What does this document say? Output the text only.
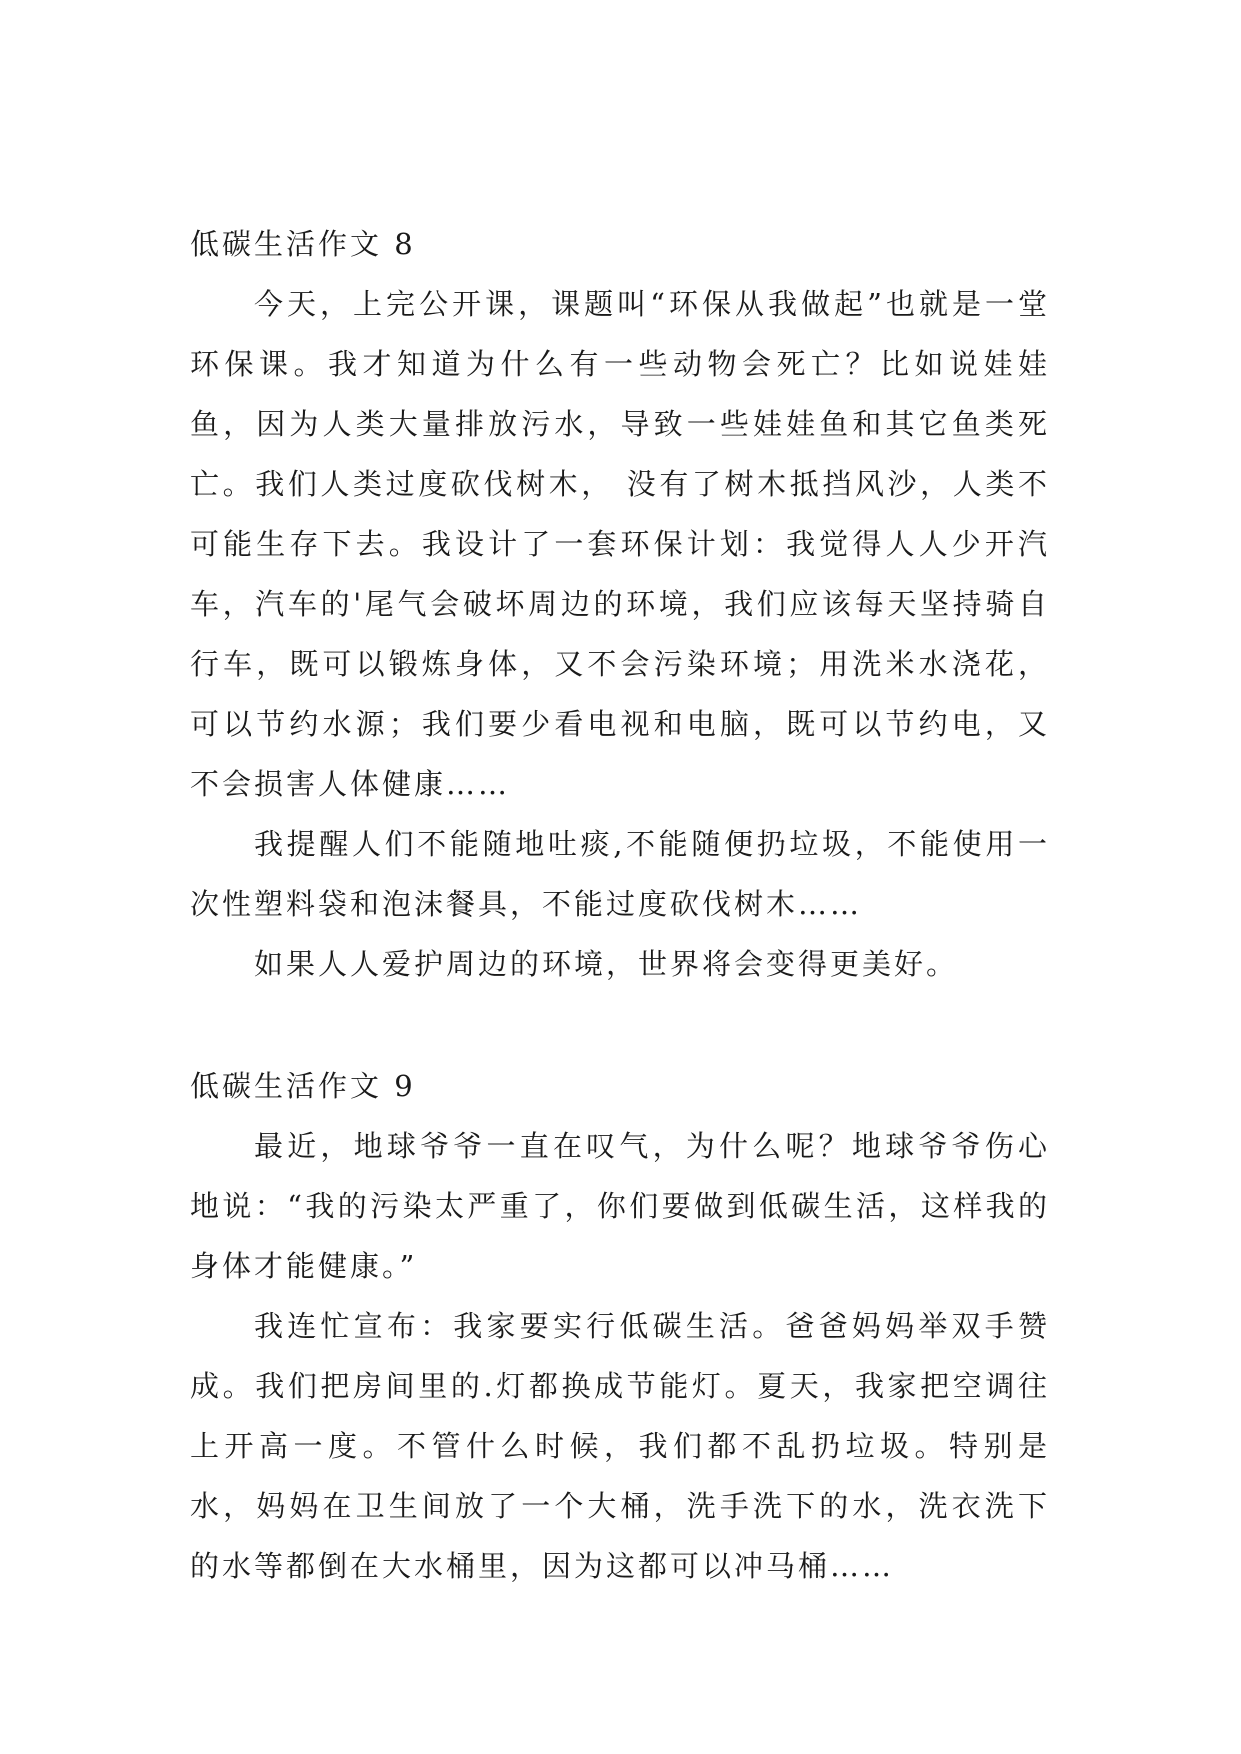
低碳生活作文 8

今天，上完公开课，课题叫“环保从我做起”也就是一堂环保课。我才知道为什么有一些动物会死亡？比如说娃娃鱼，因为人类大量排放污水，导致一些娃娃鱼和其它鱼类死亡。我们人类过度砍伐树木， 没有了树木抵挡风沙，人类不可能生存下去。我设计了一套环保计划：我觉得人人少开汽车，汽车的'尾气会破坏周边的环境，我们应该每天坚持骑自行车，既可以锻炼身体，又不会污染环境；用洗米水浇花，可以节约水源；我们要少看电视和电脑，既可以节约电，又不会损害人体健康……

我提醒人们不能随地吐痰,不能随便扔垃圾，不能使用一次性塑料袋和泡沫餐具，不能过度砍伐树木……

如果人人爱护周边的环境，世界将会变得更美好。

低碳生活作文 9

最近，地球爷爷一直在叹气，为什么呢？地球爷爷伤心地说：“我的污染太严重了，你们要做到低碳生活，这样我的身体才能健康。”

我连忙宣布：我家要实行低碳生活。爸爸妈妈举双手赞成。我们把房间里的.灯都换成节能灯。夏天，我家把空调往上开高一度。不管什么时候，我们都不乱扔垃圾。特别是水，妈妈在卫生间放了一个大桶，洗手洗下的水，洗衣洗下的水等都倒在大水桶里，因为这都可以冲马桶……
